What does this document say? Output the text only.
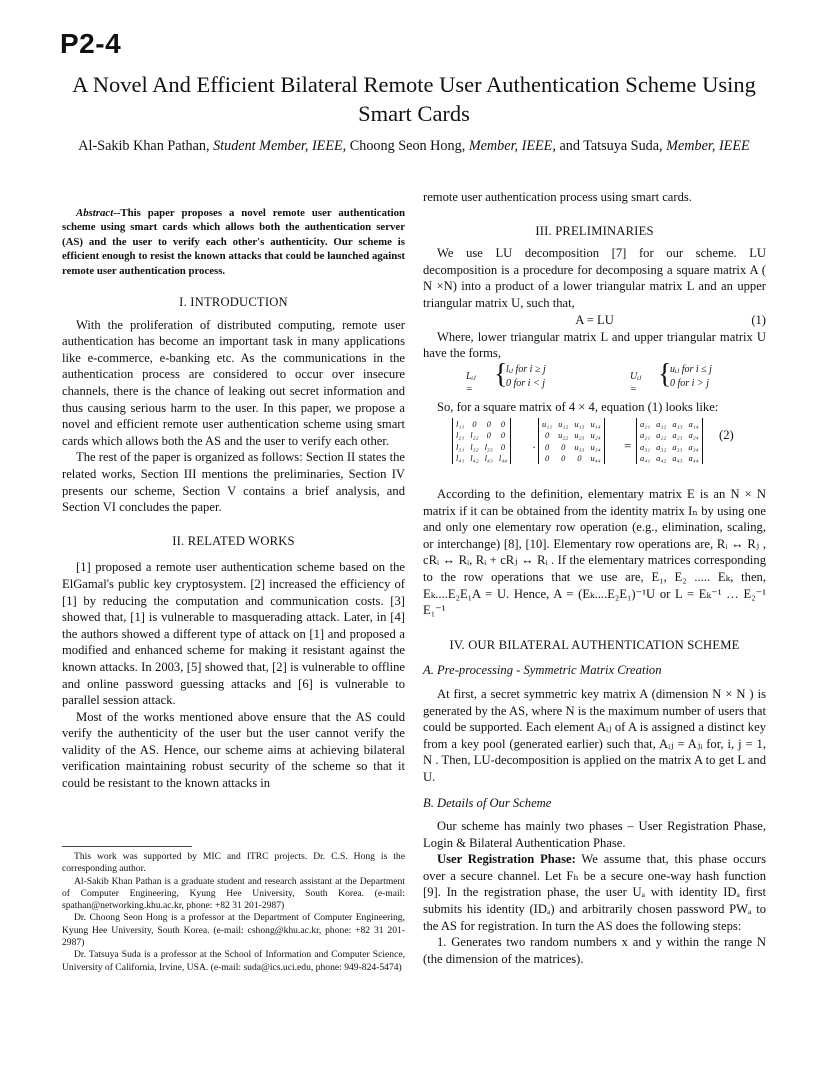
P2-4
A Novel And Efficient Bilateral Remote User Authentication Scheme Using Smart Cards
Al-Sakib Khan Pathan, Student Member, IEEE, Choong Seon Hong, Member, IEEE, and Tatsuya Suda, Member, IEEE

Abstract--This paper proposes a novel remote user authentication scheme using smart cards which allows both the authentication server (AS) and the user to verify each other's authenticity. Our scheme is efficient enough to resist the known attacks that could be launched against remote user authentication process.

I. INTRODUCTION

With the proliferation of distributed computing, remote user authentication has become an important task in many applications like e-commerce, e-banking etc. As the communications in the authentication process are considered to occur over insecure channels, there is the chance of leaking out secret information and thus causing serious harm to the user. In this paper, we propose a novel and efficient remote user authentication scheme using smart cards which allows both the AS and the user to verify each other.

The rest of the paper is organized as follows: Section II states the related works, Section III mentions the preliminaries, Section IV presents our scheme, Section V contains a brief analysis, and Section VI concludes the paper.

II. RELATED WORKS

[1] proposed a remote user authentication scheme based on the ElGamal's public key cryptosystem. [2] increased the efficiency of [1] by reducing the computation and communication costs. [3] showed that, [1] is vulnerable to masquerading attack. Later, in [4] the authors showed a different type of attack on [1] and proposed a modified and enhanced scheme for making it resistant against the known attacks. In 2003, [5] showed that, [2] is vulnerable to offline and online password guessing attacks and [6] is vulnerable to parallel session attack.

Most of the works mentioned above ensure that the AS could verify the authenticity of the user but the user cannot verify the validity of the AS. Hence, our scheme aims at achieving bilateral verification maintaining robust security of the scheme so that it could be resistant to the known attacks in

This work was supported by MIC and ITRC projects. Dr. C.S. Hong is the corresponding author.

Al-Sakib Khan Pathan is a graduate student and research assistant at the Department of Computer Engineering, Kyung Hee University, South Korea. (e-mail: spathan@networking.khu.ac.kr, phone: +82 31 201-2987)

Dr. Choong Seon Hong is a professor at the Department of Computer Engineering, Kyung Hee University, South Korea. (e-mail: cshong@khu.ac.kr, phone: +82 31 201-2987)

Dr. Tatsuya Suda is a professor at the School of Information and Computer Science, University of California, Irvine, USA. (e-mail: suda@ics.uci.edu, phone: 949-824-5474)

remote user authentication process using smart cards.

III. PRELIMINARIES

We use LU decomposition [7] for our scheme. LU decomposition is a procedure for decomposing a square matrix A ( N ×N) into a product of a lower triangular matrix L and an upper triangular matrix U, such that,

A = LU	(1)

Where, lower triangular matrix L and upper triangular matrix U have the forms,

Lᵢⱼ = {
lᵢⱼ for i ≥ j
0 for i < j
Uᵢⱼ = {
uᵢⱼ for i ≤ j
0 for i > j

So, for a square matrix of 4 × 4, equation (1) looks like:

l₁₁	0	0	0
l₂₁	l₂₂	0	0
l₃₁	l₃₂	l₃₃	0
l₄₁	l₄₂	l₄₃	l₄₄
·
u₁₁	u₁₂	u₁₃	u₁₄
0	u₂₂	u₂₃	u₂₄
0	0	u₃₃	u₃₄
0	0	0	u₄₄
=
a₁₁	a₁₂	a₁₃	a₁₄
a₂₁	a₂₂	a₂₃	a₂₄
a₃₁	a₃₂	a₃₃	a₃₄
a₄₁	a₄₂	a₄₃	a₄₄
(2)

According to the definition, elementary matrix E is an N × N matrix if it can be obtained from the identity matrix Iₙ by using one and only one elementary row operation (e.g., elimination, scaling, or interchange) [8], [10]. Elementary row operations are, Rᵢ ↔ Rⱼ , cRᵢ ↔ Rᵢ, Rᵢ + cRⱼ ↔ Rᵢ . If the elementary matrices corresponding to the row operations that we use are, E₁, E₂ ..... Eₖ, then, Eₖ....E₂E₁A = U. Hence, A = (Eₖ....E₂E₁)⁻¹U or L = Eₖ⁻¹ … E₂⁻¹ E₁⁻¹

IV. OUR BILATERAL AUTHENTICATION SCHEME
A. Pre-processing - Symmetric Matrix Creation

At first, a secret symmetric key matrix A (dimension N × N ) is generated by the AS, where N is the maximum number of users that could be supported. Each element Aᵢⱼ of A is assigned a distinct key from a key pool (generated earlier) such that, Aᵢⱼ = Aⱼᵢ for, i, j = 1, N . Then, LU-decomposition is applied on the matrix A to get L and U.

B. Details of Our Scheme

Our scheme has mainly two phases – User Registration Phase, Login & Bilateral Authentication Phase.

User Registration Phase: We assume that, this phase occurs over a secure channel. Let Fₕ be a secure one-way hash function [9]. In the registration phase, the user Uₐ with identity IDₐ first submits his identity (IDₐ) and arbitrarily chosen password PWₐ to the AS for registration. In turn the AS does the following steps:

1. Generates two random numbers x and y within the range N (the dimension of the matrices).
